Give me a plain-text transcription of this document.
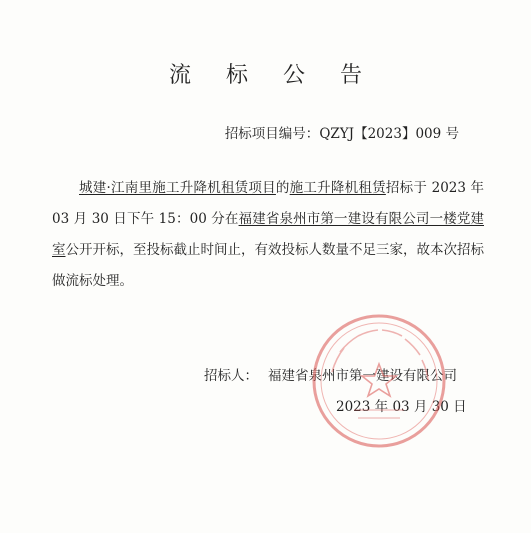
流 标 公 告
招标项目编号：QZYJ【2023】009 号

城建·江南里施工升降机租赁项目的施工升降机租赁招标于 2023 年 03 月 30 日下午 15：00 分在福建省泉州市第一建设有限公司一楼党建室公开开标，至投标截止时间止，有效投标人数量不足三家，故本次招标做流标处理。

招标人： 福建省泉州市第一建设有限公司
2023 年 03 月 30 日
